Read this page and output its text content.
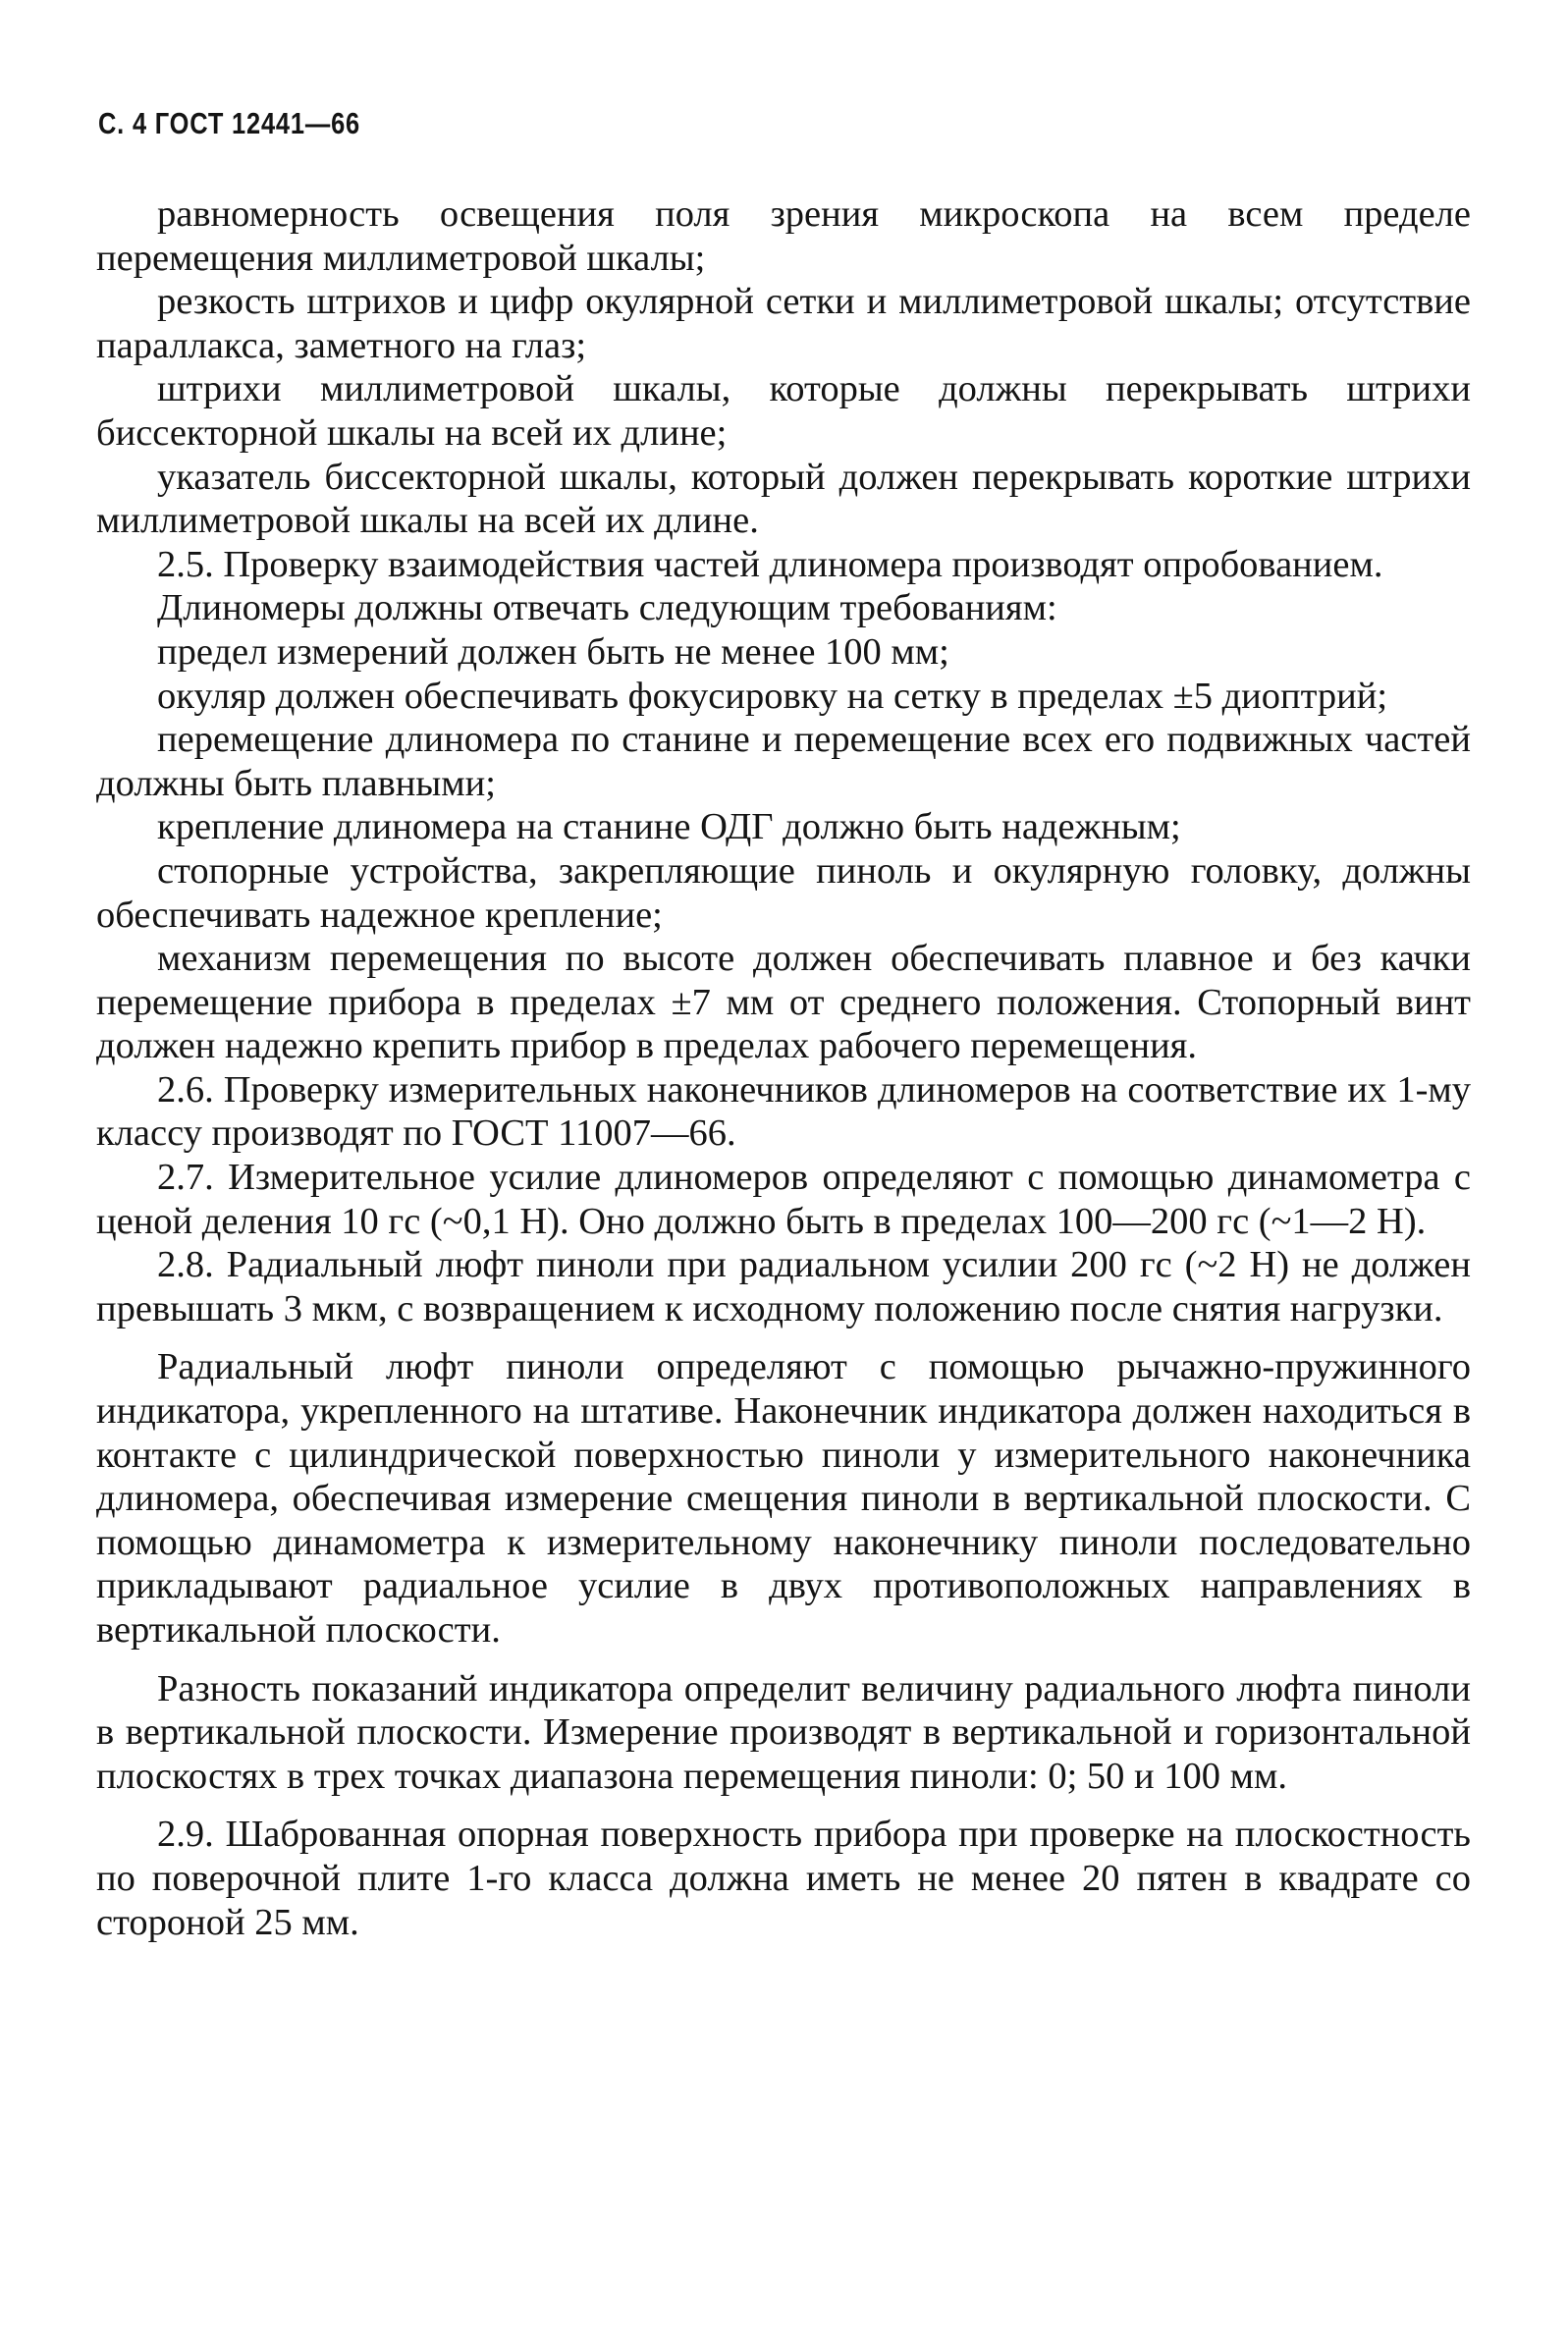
С. 4 ГОСТ 12441—66

равномерность освещения поля зрения микроскопа на всем пределе перемещения миллиметровой шкалы;

резкость штрихов и цифр окулярной сетки и миллиметровой шкалы; отсутствие параллакса, заметного на глаз;

штрихи миллиметровой шкалы, которые должны перекрывать штрихи биссекторной шкалы на всей их длине;

указатель биссекторной шкалы, который должен перекрывать короткие штрихи миллиметровой шкалы на всей их длине.

2.5. Проверку взаимодействия частей длиномера производят опробованием.

Длиномеры должны отвечать следующим требованиям:

предел измерений должен быть не менее 100 мм;

окуляр должен обеспечивать фокусировку на сетку в пределах ±5 диоптрий;

перемещение длиномера по станине и перемещение всех его подвижных частей должны быть плавными;

крепление длиномера на станине ОДГ должно быть надежным;

стопорные устройства, закрепляющие пиноль и окулярную головку, должны обеспечивать надежное крепление;

механизм перемещения по высоте должен обеспечивать плавное и без качки перемещение прибора в пределах ±7 мм от среднего положения. Стопорный винт должен надежно крепить прибор в пределах рабочего перемещения.

2.6. Проверку измерительных наконечников длиномеров на соответствие их 1-му классу производят по ГОСТ 11007—66.

2.7. Измерительное усилие длиномеров определяют с помощью динамометра с ценой деления 10 гс (~0,1 Н). Оно должно быть в пределах 100—200 гс (~1—2 Н).

2.8. Радиальный люфт пиноли при радиальном усилии 200 гс (~2 Н) не должен превышать 3 мкм, с возвращением к исходному положению после снятия нагрузки.

Радиальный люфт пиноли определяют с помощью рычажно-пружинного индикатора, укрепленного на штативе. Наконечник индикатора должен находиться в контакте с цилиндрической поверхностью пиноли у измерительного наконечника длиномера, обеспечивая измерение смещения пиноли в вертикальной плоскости. С помощью динамометра к измерительному наконечнику пиноли последовательно прикладывают радиальное усилие в двух противоположных направлениях в вертикальной плоскости.

Разность показаний индикатора определит величину радиального люфта пиноли в вертикальной плоскости. Измерение производят в вертикальной и горизонтальной плоскостях в трех точках диапазона перемещения пиноли: 0; 50 и 100 мм.

2.9. Шаброванная опорная поверхность прибора при проверке на плоскостность по поверочной плите 1-го класса должна иметь не менее 20 пятен в квадрате со стороной 25 мм.
